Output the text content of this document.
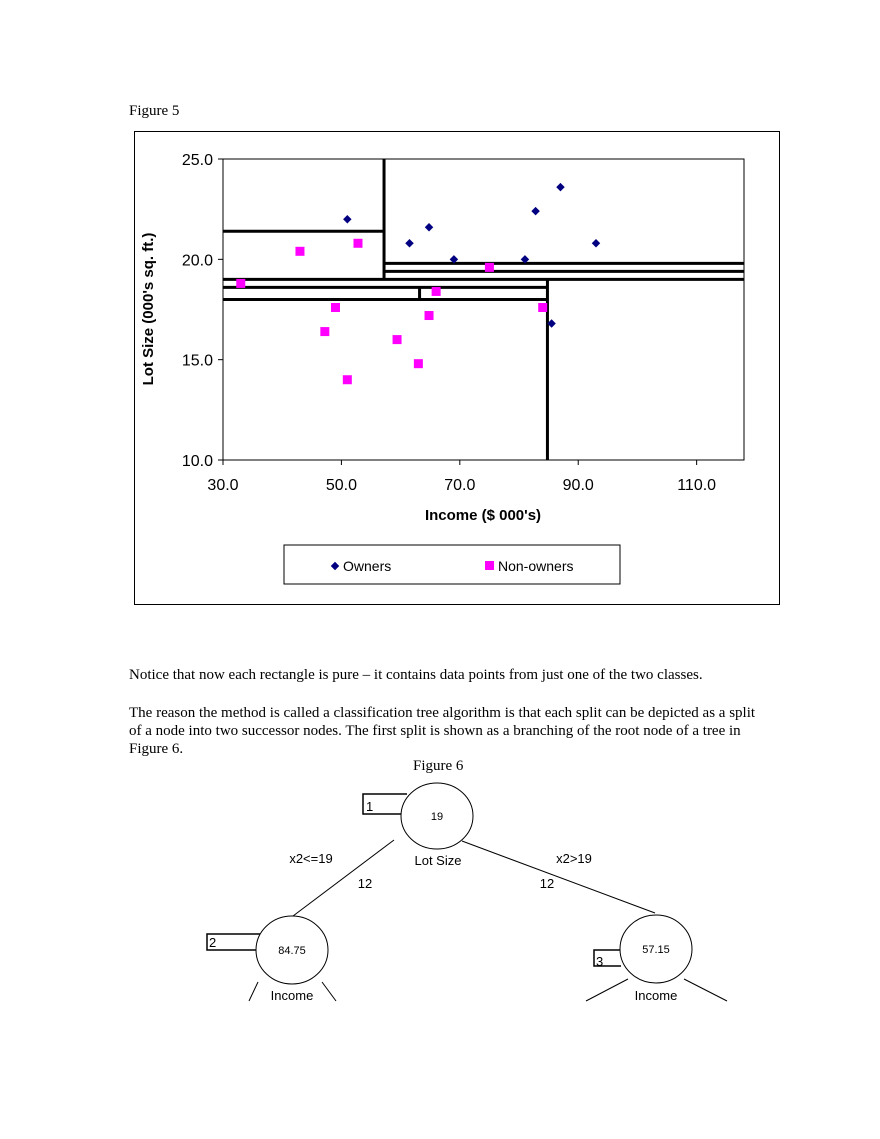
Figure 5
30.0	50.0	70.0	90.0	110.0
10.0
15.0
20.0
25.0
Income ($ 000's)
Lot Size (000's sq. ft.)
Owners	Non-owners

Notice that now each rectangle is pure – it contains data points from just one of the two classes.

The reason the method is called a classification tree algorithm is that each split can be depicted as a split of a node into two successor nodes. The first split is shown as a branching of the root node of a tree in Figure 6.

Figure 6
1
19
Lot Size
x2<=19
12
x2>19
12
2
84.75
Income
3
57.15
Income
